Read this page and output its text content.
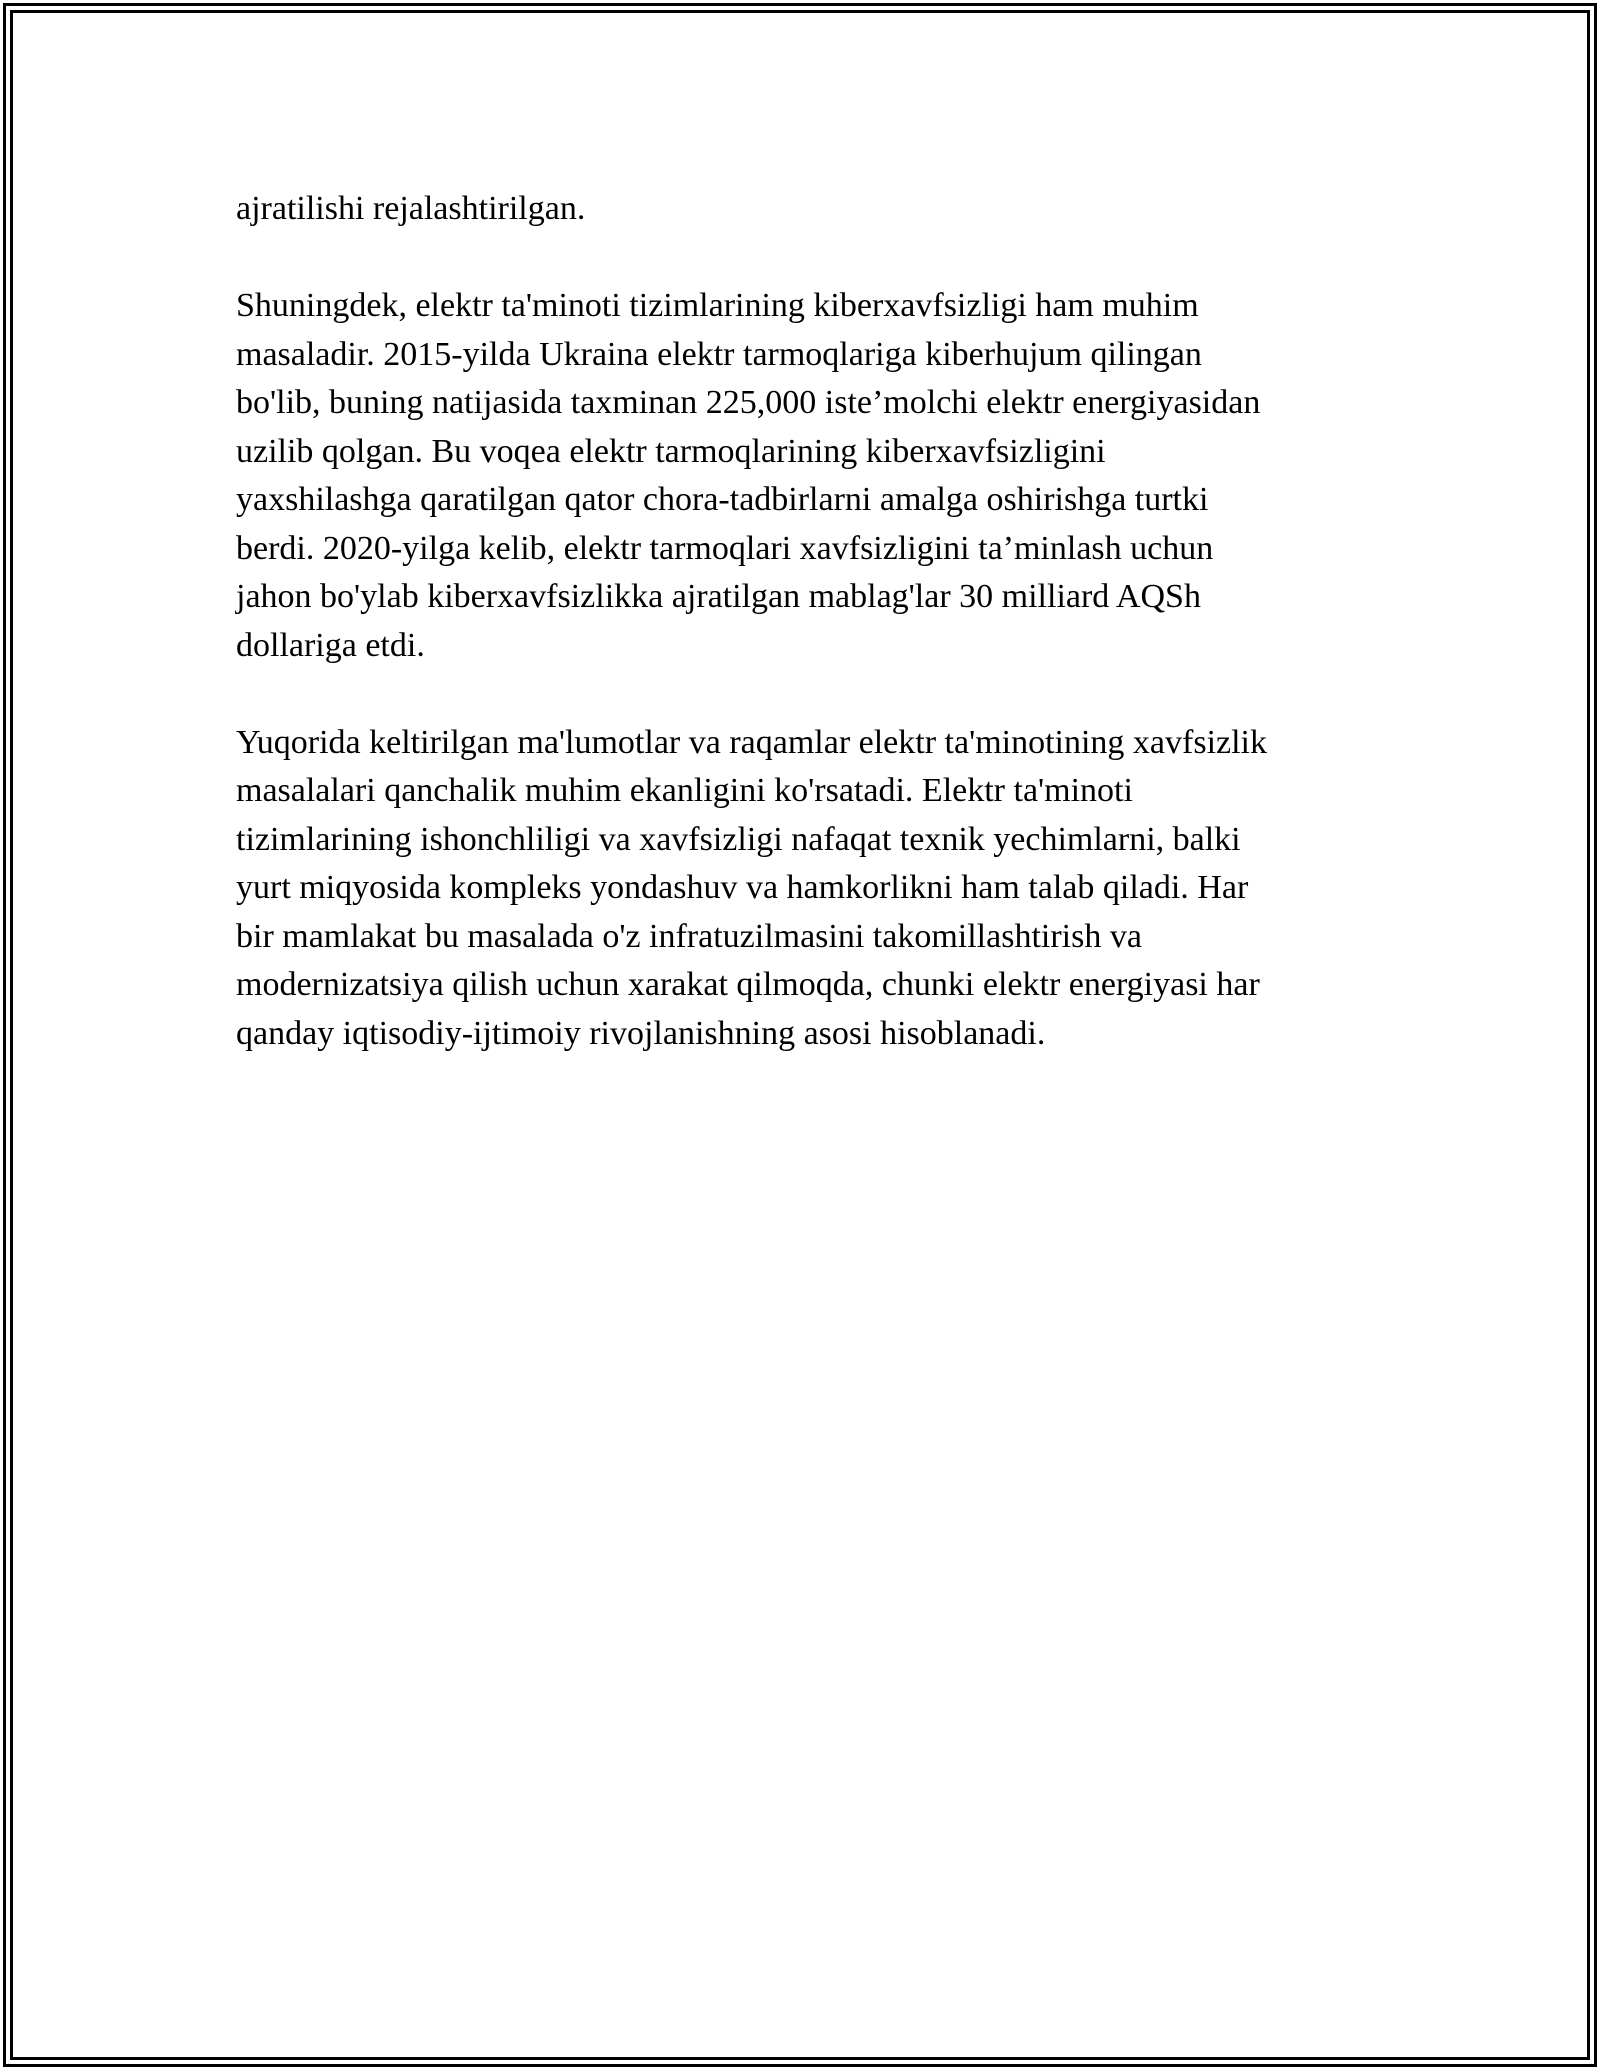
ajratilishi rejalashtirilgan.

Shuningdek, elektr ta'minoti tizimlarining kiberxavfsizligi ham muhim
masaladir. 2015-yilda Ukraina elektr tarmoqlariga kiberhujum qilingan
bo'lib, buning natijasida taxminan 225,000 iste’molchi elektr energiyasidan
uzilib qolgan. Bu voqea elektr tarmoqlarining kiberxavfsizligini
yaxshilashga qaratilgan qator chora-tadbirlarni amalga oshirishga turtki
berdi. 2020-yilga kelib, elektr tarmoqlari xavfsizligini ta’minlash uchun
jahon bo'ylab kiberxavfsizlikka ajratilgan mablag'lar 30 milliard AQSh
dollariga etdi.

Yuqorida keltirilgan ma'lumotlar va raqamlar elektr ta'minotining xavfsizlik
masalalari qanchalik muhim ekanligini ko'rsatadi. Elektr ta'minoti
tizimlarining ishonchliligi va xavfsizligi nafaqat texnik yechimlarni, balki
yurt miqyosida kompleks yondashuv va hamkorlikni ham talab qiladi. Har
bir mamlakat bu masalada o'z infratuzilmasini takomillashtirish va
modernizatsiya qilish uchun xarakat qilmoqda, chunki elektr energiyasi har
qanday iqtisodiy-ijtimoiy rivojlanishning asosi hisoblanadi.
